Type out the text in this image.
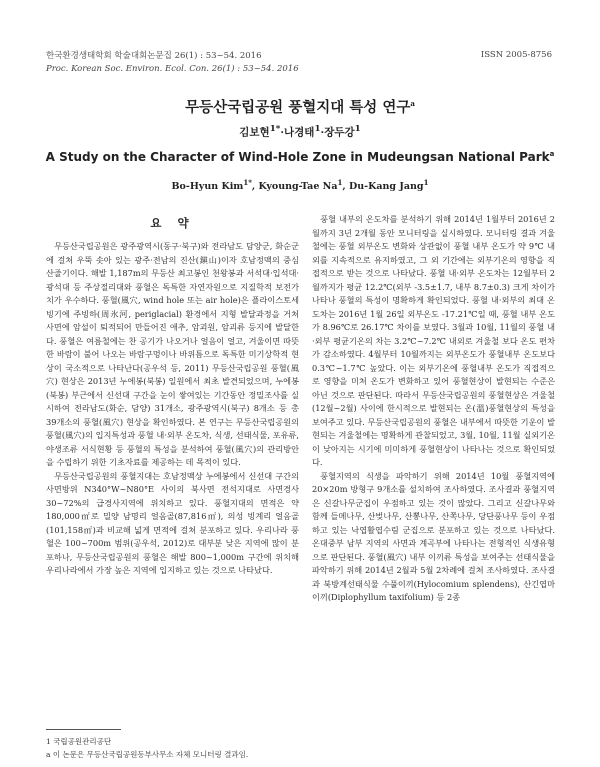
한국환경생태학회 학술대회논문집 26(1) : 53~54. 2016
Proc. Korean Soc. Environ. Ecol. Con. 26(1) : 53~54. 2016
ISSN 2005-8756
무등산국립공원 풍혈지대 특성 연구$^a$
김보현$^{1*}$·나경태$^1$·장두강$^1$
A Study on the Character of Wind-Hole Zone in Mudeungsan National Park$^a$
Bo-Hyun Kim$^{1*}$, Kyoung-Tae Na$^1$, Du-Kang Jang$^1$
요 약

무등산국립공원은 광주광역시(동구·북구)와 전라남도 담양군, 화순군에 걸쳐 우뚝 솟아 있는 광주·전남의 진산(鎭山)이자 호남정맥의 중심 산줄기이다. 해발 1,187m의 무등산 최고봉인 천왕봉과 서석대·입석대·광석대 등 주상절리대와 풍혈은 독특한 자연자원으로 지질학적 보전가치가 우수하다. 풍혈(風穴, wind hole 또는 air hole)은 플라이스토세 빙기에 주빙하(周氷河, periglacial) 환경에서 지형 발달과정을 거쳐 사면에 암설이 퇴적되어 만들어진 애추, 암괴원, 암괴류 등지에 발달한다. 풍혈은 여름철에는 찬 공기가 나오거나 얼음이 얼고, 겨울이면 따뜻한 바람이 불어 나오는 바람구멍이나 바위틈으로 독특한 미기상학적 현상이 국소적으로 나타난다(공우석 등, 2011) 무등산국립공원 풍혈(風穴) 현상은 2013년 누에봉(북봉) 일원에서 최초 발견되었으며, 누에봉(북봉) 부근에서 신선대 구간을 눈이 쌓여있는 기간동안 정밀조사를 실시하여 전라남도(화순, 담양) 31개소, 광주광역시(북구) 8개소 등 총 39개소의 풍혈(風穴) 현상을 확인하였다. 본 연구는 무등산국립공원의 풍혈(風穴)의 입지특성과 풍혈 내·외부 온도차, 식생, 선태식물, 포유류, 야생조류 서식현황 등 풍혈의 특성을 분석하여 풍혈(風穴)의 관리방안을 수립하기 위한 기초자료를 제공하는 데 목적이 있다.

무등산국립공원의 풍혈지대는 호남정맥상 누에봉에서 신선대 구간의 사면방위 N340°W~N80°E 사이의 북사면 전석지대로 사면경사 30~72%의 급경사지역에 위치하고 있다. 풍혈지대의 면적은 약 180,000㎡로 밀양 남명리 얼음골(87,816㎡), 의성 빙계리 얼음골(101,158㎡)과 비교해 넓게 면적에 걸쳐 분포하고 있다. 우리나라 풍혈은 100~700m 범위(공우석, 2012)로 대부분 낮은 지역에 많이 분포하나, 무등산국립공원의 풍혈은 해발 800~1,000m 구간에 위치해 우리나라에서 가장 높은 지역에 입지하고 있는 것으로 나타났다.

풍혈 내부의 온도차를 분석하기 위해 2014년 1월부터 2016년 2월까지 3년 2개월 동안 모니터링을 실시하였다. 모니터링 결과 겨울철에는 풍혈 외부온도 변화와 상관없이 풍혈 내부 온도가 약 9℃ 내외를 지속적으로 유지하였고, 그 외 기간에는 외부기온의 영향을 직접적으로 받는 것으로 나타났다. 풍혈 내·외부 온도차는 12월부터 2월까지가 평균 12.2℃(외부 -3.5±1.7, 내부 8.7±0.3) 크게 차이가 나타나 풍혈의 특성이 명확하게 확인되었다. 풍혈 내·외부의 최대 온도차는 2016년 1월 26일 외부온도 -17.21℃일 때, 풍혈 내부 온도가 8.96℃로 26.17℃ 차이를 보였다. 3월과 10월, 11월의 풍혈 내·외부 평균기온의 차는 3.2℃~7.2℃ 내외로 겨울철 보다 온도 편차가 감소하였다. 4월부터 10월까지는 외부온도가 풍혈내부 온도보다 0.3℃~1.7℃ 높았다. 이는 외부기온에 풍혈내부 온도가 직접적으로 영향을 미쳐 온도가 변화하고 있어 풍혈현상이 발현되는 수준은 아닌 것으로 판단된다. 따라서 무등산국립공원의 풍혈현상은 겨울철(12월~2월) 사이에 한시적으로 발현되는 온(溫)풍혈현상의 특성을 보여주고 있다. 무등산국립공원의 풍혈은 내부에서 따뜻한 기운이 발현되는 겨울철에는 명확하게 관찰되었고, 3월, 10월, 11월 실외기온이 낮아지는 시기에 미미하게 풍혈현상이 나타나는 것으로 확인되었다.

풍혈지역의 식생을 파악하기 위해 2014년 10월 풍혈지역에 20×20m 방형구 9개소를 설치하여 조사하였다. 조사결과 풍혈지역은 신갈나무군집이 우점하고 있는 것이 많았다. 그리고 신갈나무와 함께 들메나무, 산벚나무, 산뽕나무, 산쪽나무, 당단풍나무 등이 우점하고 있는 낙엽활엽수림 군집으로 분포하고 있는 것으로 나타났다. 온대중부 남부 지역의 사면과 계곡부에 나타나는 전형적인 식생유형으로 판단된다. 풍혈(風穴) 내부 이끼류 특성을 보여주는 선태식물을 파악하기 위해 2014년 2월과 5월 2차례에 걸쳐 조사하였다. 조사결과 북방계선태식물 수풀이끼(Hylocomium splendens), 산긴엽마이끼(Diplophyllum taxifolium) 등 2종

1 국립공원관리공단
a 이 논문은 무등산국립공원동부사무소 자체 모니터링 결과임.
